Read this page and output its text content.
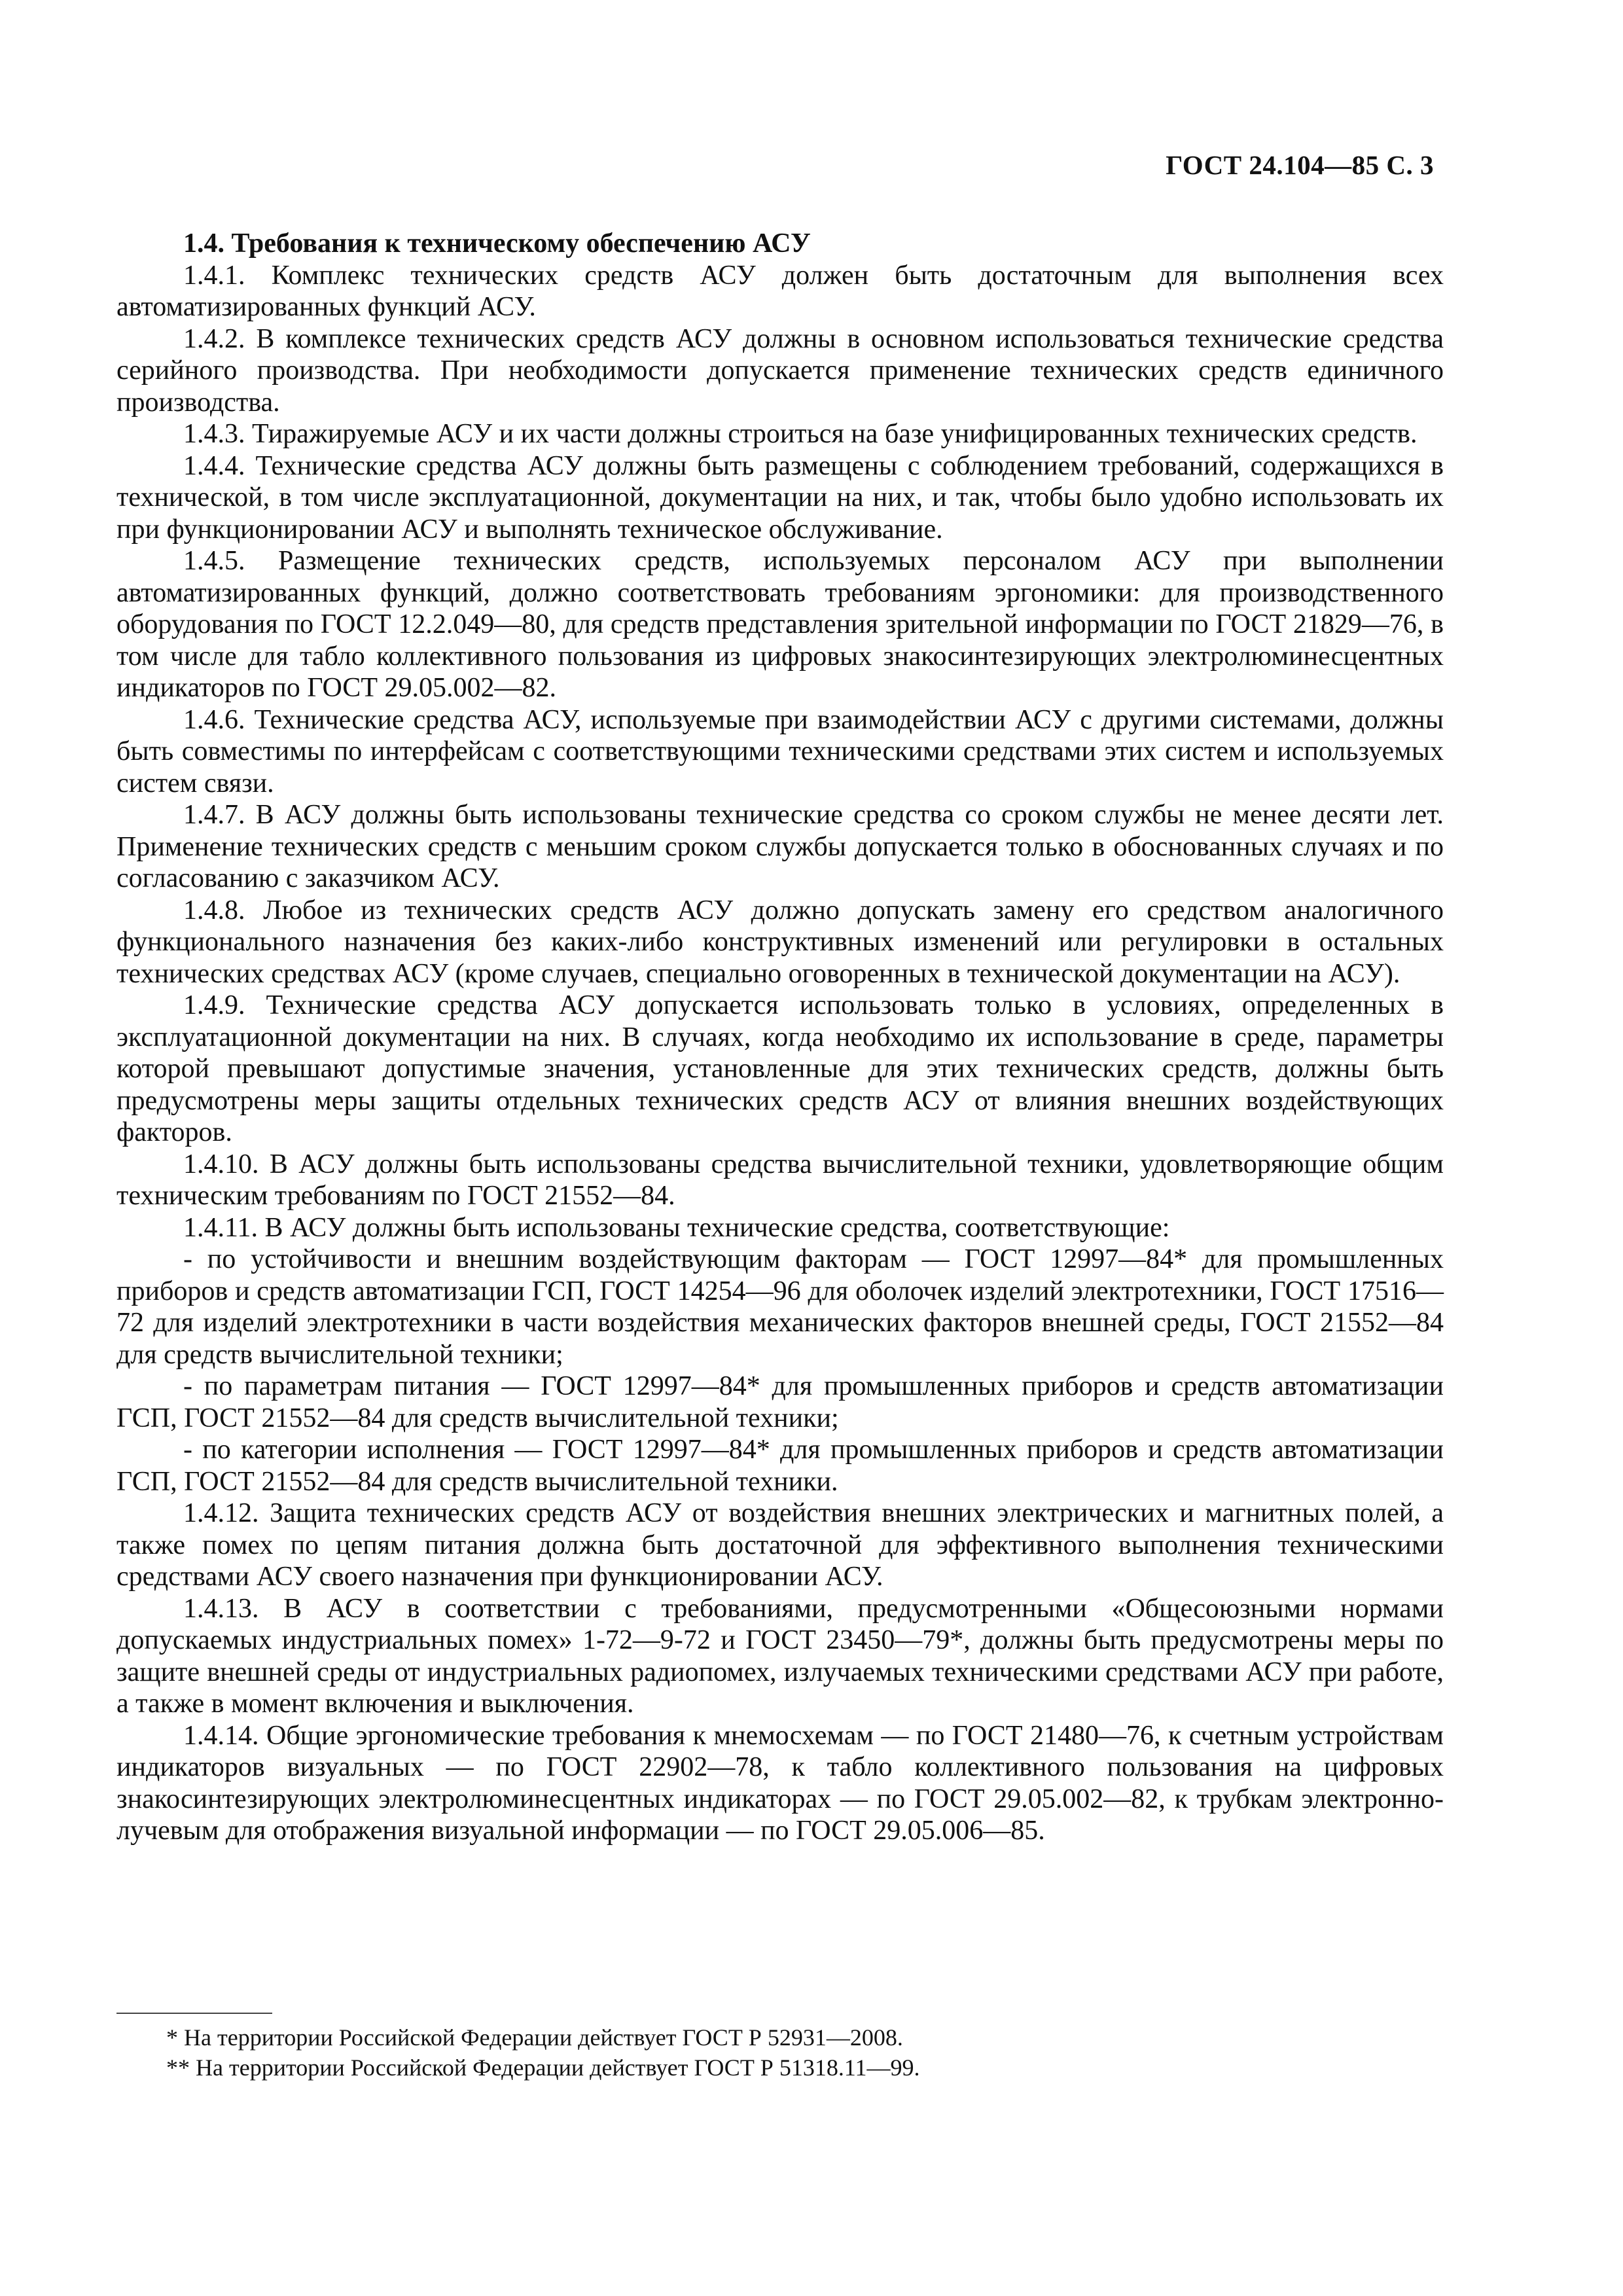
ГОСТ 24.104—85 С. 3

1.4. Требования к техническому обеспечению АСУ

1.4.1. Комплекс технических средств АСУ должен быть достаточным для выполнения всех автоматизированных функций АСУ.

1.4.2. В комплексе технических средств АСУ должны в основном использоваться технические средства серийного производства. При необходимости допускается применение технических средств единичного производства.

1.4.3. Тиражируемые АСУ и их части должны строиться на базе унифицированных технических средств.

1.4.4. Технические средства АСУ должны быть размещены с соблюдением требований, содержащихся в технической, в том числе эксплуатационной, документации на них, и так, чтобы было удобно использовать их при функционировании АСУ и выполнять техническое обслуживание.

1.4.5. Размещение технических средств, используемых персоналом АСУ при выполнении автоматизированных функций, должно соответствовать требованиям эргономики: для производственного оборудования по ГОСТ 12.2.049—80, для средств представления зрительной информации по ГОСТ 21829—76, в том числе для табло коллективного пользования из цифровых знакосинтезирующих электролюминесцентных индикаторов по ГОСТ 29.05.002—82.

1.4.6. Технические средства АСУ, используемые при взаимодействии АСУ с другими системами, должны быть совместимы по интерфейсам с соответствующими техническими средствами этих систем и используемых систем связи.

1.4.7. В АСУ должны быть использованы технические средства со сроком службы не менее десяти лет. Применение технических средств с меньшим сроком службы допускается только в обоснованных случаях и по согласованию с заказчиком АСУ.

1.4.8. Любое из технических средств АСУ должно допускать замену его средством аналогичного функционального назначения без каких-либо конструктивных изменений или регулировки в остальных технических средствах АСУ (кроме случаев, специально оговоренных в технической документации на АСУ).

1.4.9. Технические средства АСУ допускается использовать только в условиях, определенных в эксплуатационной документации на них. В случаях, когда необходимо их использование в среде, параметры которой превышают допустимые значения, установленные для этих технических средств, должны быть предусмотрены меры защиты отдельных технических средств АСУ от влияния внешних воздействующих факторов.

1.4.10. В АСУ должны быть использованы средства вычислительной техники, удовлетворяющие общим техническим требованиям по ГОСТ 21552—84.

1.4.11. В АСУ должны быть использованы технические средства, соответствующие:

- по устойчивости и внешним воздействующим факторам — ГОСТ 12997—84* для промышленных приборов и средств автоматизации ГСП, ГОСТ 14254—96 для оболочек изделий электротехники, ГОСТ 17516—72 для изделий электротехники в части воздействия механических факторов внешней среды, ГОСТ 21552—84 для средств вычислительной техники;

- по параметрам питания — ГОСТ 12997—84* для промышленных приборов и средств автоматизации ГСП, ГОСТ 21552—84 для средств вычислительной техники;

- по категории исполнения — ГОСТ 12997—84* для промышленных приборов и средств автоматизации ГСП, ГОСТ 21552—84 для средств вычислительной техники.

1.4.12. Защита технических средств АСУ от воздействия внешних электрических и магнитных полей, а также помех по цепям питания должна быть достаточной для эффективного выполнения техническими средствами АСУ своего назначения при функционировании АСУ.

1.4.13. В АСУ в соответствии с требованиями, предусмотренными «Общесоюзными нормами допускаемых индустриальных помех» 1-72—9-72 и ГОСТ 23450—79*, должны быть предусмотрены меры по защите внешней среды от индустриальных радиопомех, излучаемых техническими средствами АСУ при работе, а также в момент включения и выключения.

1.4.14. Общие эргономические требования к мнемосхемам — по ГОСТ 21480—76, к счетным устройствам индикаторов визуальных — по ГОСТ 22902—78, к табло коллективного пользования на цифровых знакосинтезирующих электролюминесцентных индикаторах — по ГОСТ 29.05.002—82, к трубкам электронно-лучевым для отображения визуальной информации — по ГОСТ 29.05.006—85.

* На территории Российской Федерации действует ГОСТ Р 52931—2008.

** На территории Российской Федерации действует ГОСТ Р 51318.11—99.
